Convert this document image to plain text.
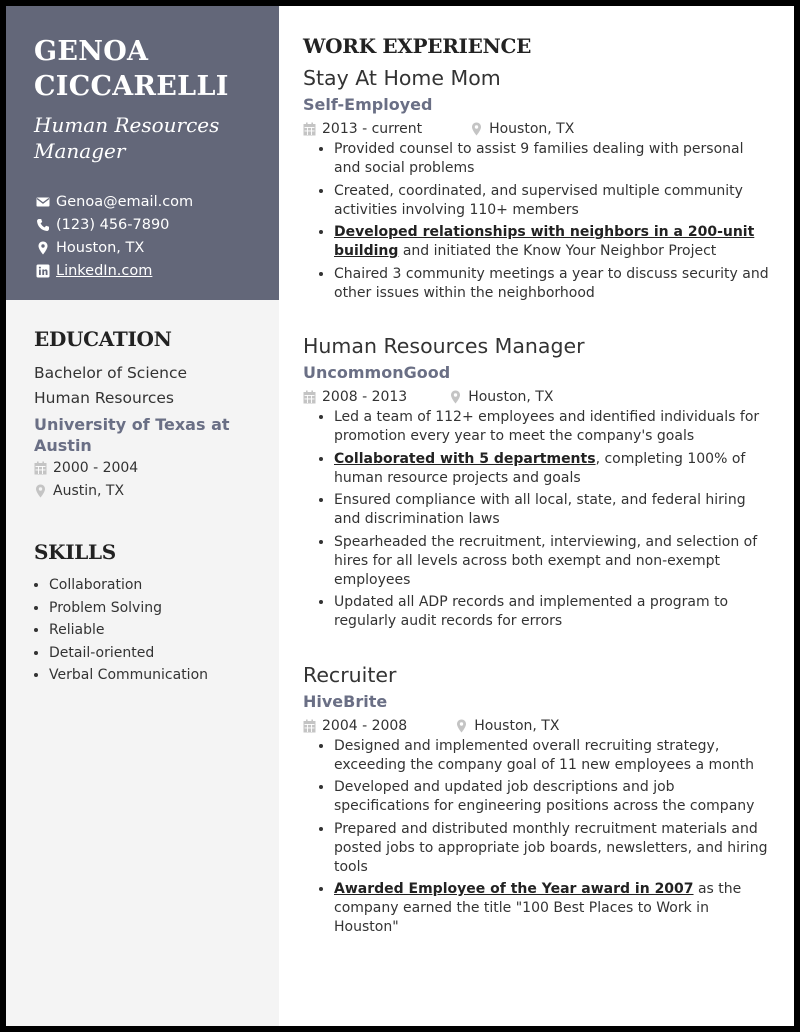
GENOA
CICCARELLI
Human Resources
Manager
Genoa@email.com
(123) 456-7890
Houston, TX
LinkedIn.com
EDUCATION
Bachelor of Science
Human Resources
University of Texas at Austin
2000 - 2004
Austin, TX
SKILLS
• Collaboration
• Problem Solving
• Reliable
• Detail-oriented
• Verbal Communication
WORK EXPERIENCE
Stay At Home Mom
Self-Employed
2013 - current	Houston, TX
• Provided counsel to assist 9 families dealing with personal and social problems
• Created, coordinated, and supervised multiple community activities involving 110+ members
• Developed relationships with neighbors in a 200-unit building and initiated the Know Your Neighbor Project
• Chaired 3 community meetings a year to discuss security and other issues within the neighborhood
Human Resources Manager
UncommonGood
2008 - 2013	Houston, TX
• Led a team of 112+ employees and identified individuals for promotion every year to meet the company's goals
• Collaborated with 5 departments, completing 100% of human resource projects and goals
• Ensured compliance with all local, state, and federal hiring and discrimination laws
• Spearheaded the recruitment, interviewing, and selection of hires for all levels across both exempt and non-exempt employees
• Updated all ADP records and implemented a program to regularly audit records for errors
Recruiter
HiveBrite
2004 - 2008	Houston, TX
• Designed and implemented overall recruiting strategy, exceeding the company goal of 11 new employees a month
• Developed and updated job descriptions and job specifications for engineering positions across the company
• Prepared and distributed monthly recruitment materials and posted jobs to appropriate job boards, newsletters, and hiring tools
• Awarded Employee of the Year award in 2007 as the company earned the title "100 Best Places to Work in Houston"
